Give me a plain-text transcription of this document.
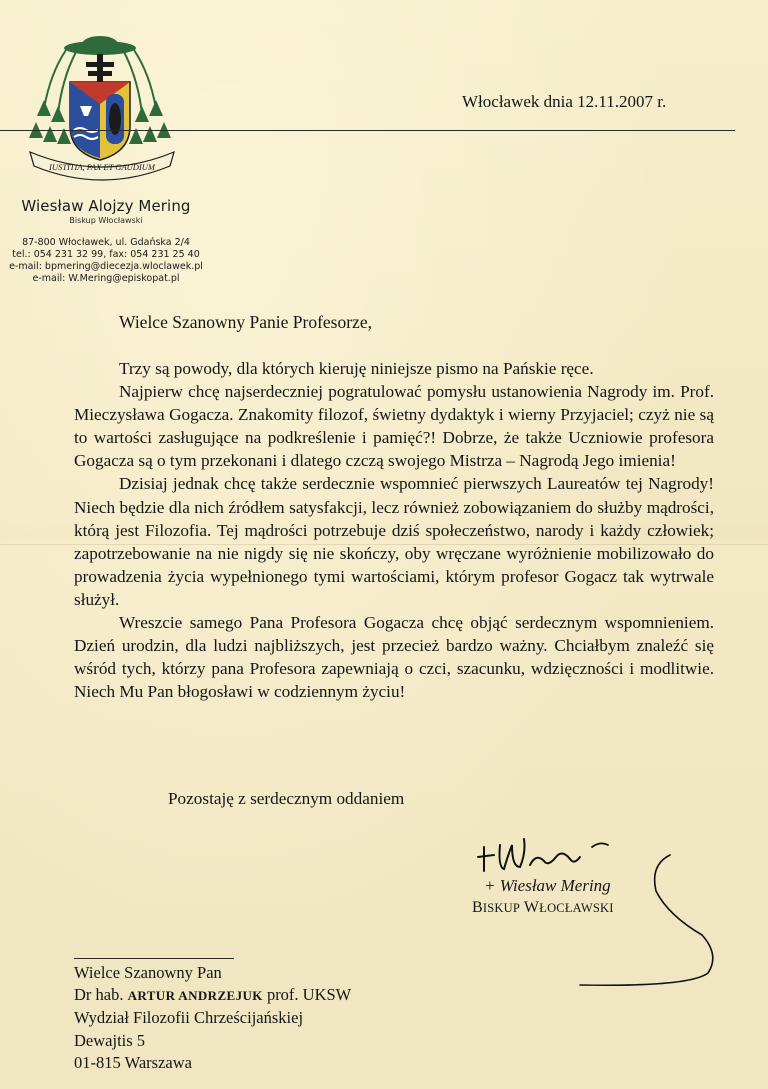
IUSTITIA, PAX ET GAUDIUM
Wiesław Alojzy Mering
Biskup Włocławski
87-800 Włocławek, ul. Gdańska 2/4
tel.: 054 231 32 99, fax: 054 231 25 40
e-mail: bpmering@diecezja.wloclawek.pl
e-mail: W.Mering@episkopat.pl
Włocławek dnia 12.11.2007 r.
Wielce Szanowny Panie Profesorze,

Trzy są powody, dla których kieruję niniejsze pismo na Pańskie ręce.

Najpierw chcę najserdeczniej pogratulować pomysłu ustanowienia Nagrody im. Prof. Mieczysława Gogacza. Znakomity filozof, świetny dydaktyk i wierny Przyjaciel; czyż nie są to wartości zasługujące na podkreślenie i pamięć?! Dobrze, że także Uczniowie profesora Gogacza są o tym przekonani i dlatego czczą swojego Mistrza – Nagrodą Jego imienia!

Dzisiaj jednak chcę także serdecznie wspomnieć pierwszych Laureatów tej Nagrody! Niech będzie dla nich źródłem satysfakcji, lecz również zobowiązaniem do służby mądrości, którą jest Filozofia. Tej mądrości potrzebuje dziś społeczeństwo, narody i każdy człowiek; zapotrzebowanie na nie nigdy się nie skończy, oby wręczane wyróżnienie mobilizowało do prowadzenia życia wypełnionego tymi wartościami, którym profesor Gogacz tak wytrwale służył.

Wreszcie samego Pana Profesora Gogacza chcę objąć serdecznym wspomnieniem. Dzień urodzin, dla ludzi najbliższych, jest przecież bardzo ważny. Chciałbym znaleźć się wśród tych, którzy pana Profesora zapewniają o czci, szacunku, wdzięczności i modlitwie. Niech Mu Pan błogosławi w codziennym życiu!

Pozostaję z serdecznym oddaniem
+ Wiesław Mering
BISKUP WŁOCŁAWSKI
Wielce Szanowny Pan
Dr hab. ARTUR ANDRZEJUK prof. UKSW
Wydział Filozofii Chrześcijańskiej
Dewajtis 5
01-815 Warszawa
